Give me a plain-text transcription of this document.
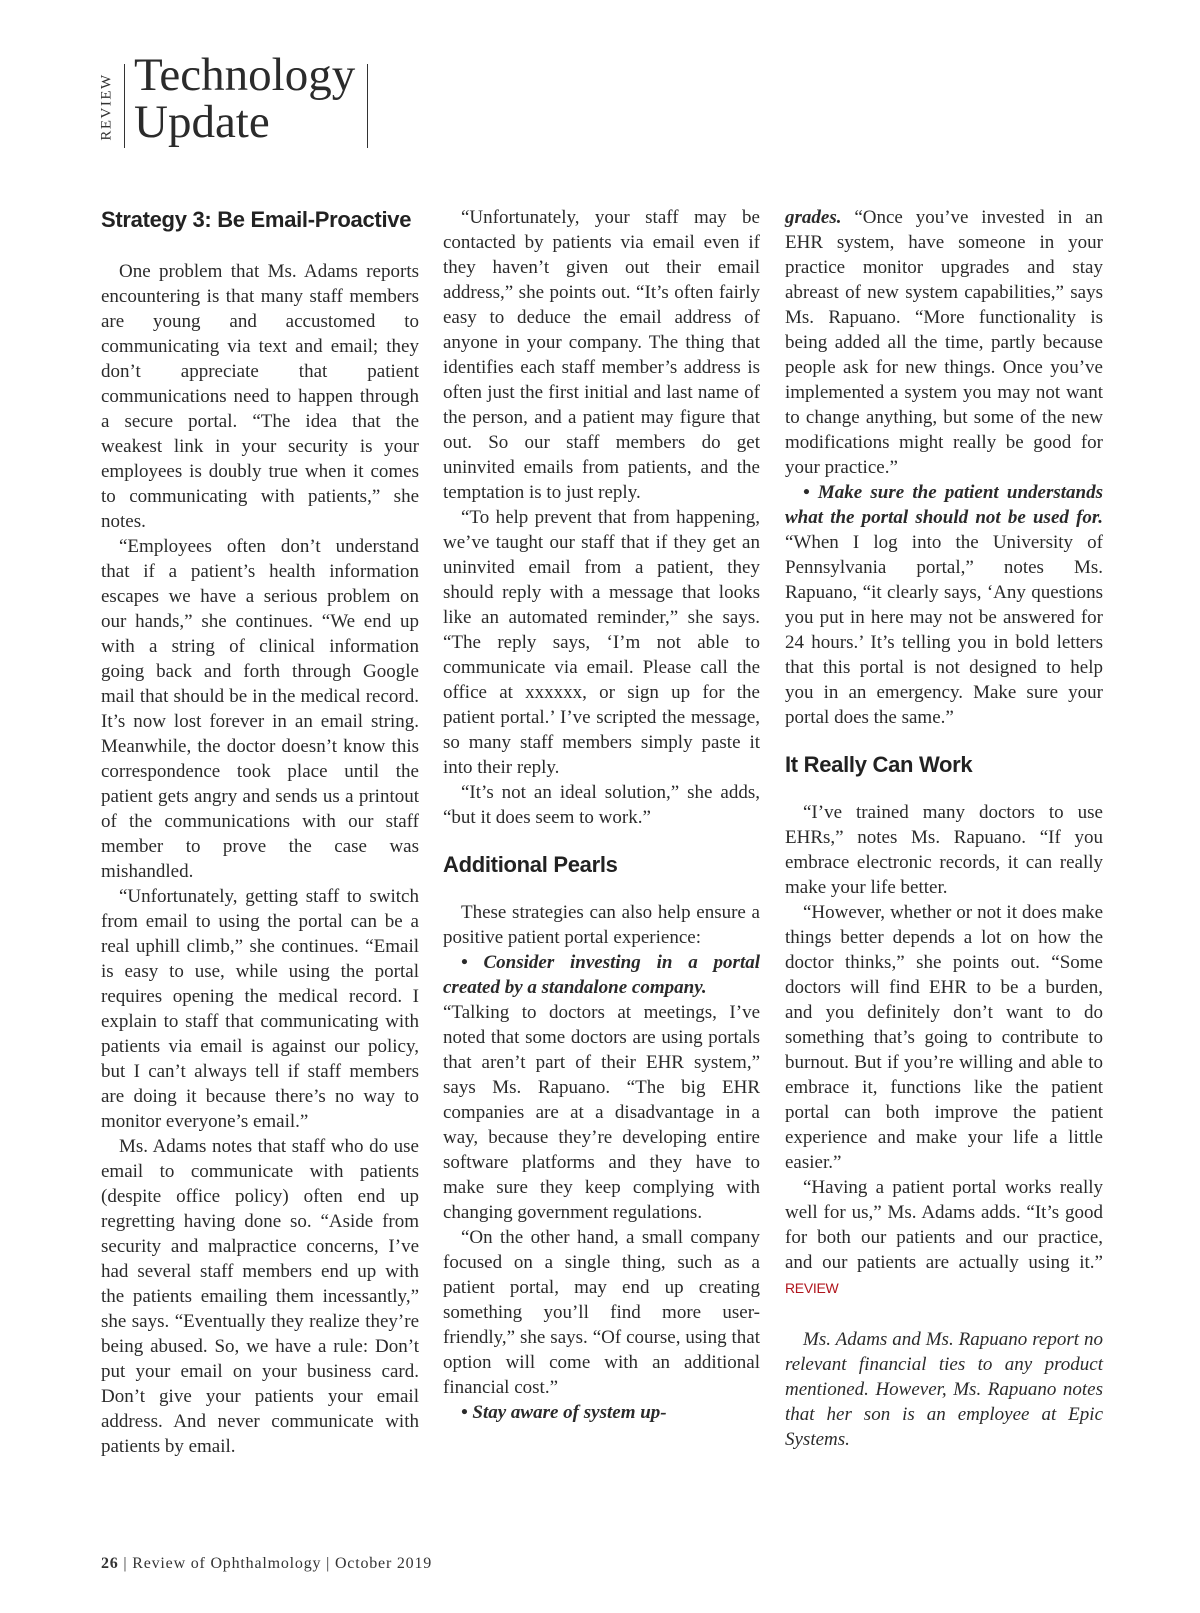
REVIEW Technology
Update
Strategy 3: Be Email-Proactive

One problem that Ms. Adams reports encountering is that many staff members are young and accustomed to communicating via text and email; they don’t appreciate that patient communications need to happen through a secure portal. “The idea that the weakest link in your security is your employees is doubly true when it comes to communicating with patients,” she notes.

“Employees often don’t understand that if a patient’s health information escapes we have a serious problem on our hands,” she continues. “We end up with a string of clinical information going back and forth through Google mail that should be in the medical record. It’s now lost forever in an email string. Meanwhile, the doctor doesn’t know this correspondence took place until the patient gets angry and sends us a printout of the communications with our staff member to prove the case was mishandled.

“Unfortunately, getting staff to switch from email to using the portal can be a real uphill climb,” she continues. “Email is easy to use, while using the portal requires opening the medical record. I explain to staff that communicating with patients via email is against our policy, but I can’t always tell if staff members are doing it because there’s no way to monitor everyone’s email.”

Ms. Adams notes that staff who do use email to communicate with patients (despite office policy) often end up regretting having done so. “Aside from security and malpractice concerns, I’ve had several staff members end up with the patients emailing them incessantly,” she says. “Eventually they realize they’re being abused. So, we have a rule: Don’t put your email on your business card. Don’t give your patients your email address. And never communicate with patients by email.

“Unfortunately, your staff may be contacted by patients via email even if they haven’t given out their email address,” she points out. “It’s often fairly easy to deduce the email address of anyone in your company. The thing that identifies each staff member’s address is often just the first initial and last name of the person, and a patient may figure that out. So our staff members do get uninvited emails from patients, and the temptation is to just reply.

“To help prevent that from happening, we’ve taught our staff that if they get an uninvited email from a patient, they should reply with a message that looks like an automated reminder,” she says. “The reply says, ‘I’m not able to communicate via email. Please call the office at xxxxxx, or sign up for the patient portal.’ I’ve scripted the message, so many staff members simply paste it into their reply.

“It’s not an ideal solution,” she adds, “but it does seem to work.”

Additional Pearls

These strategies can also help ensure a positive patient portal experience:

• Consider investing in a portal created by a standalone company.

“Talking to doctors at meetings, I’ve noted that some doctors are using portals that aren’t part of their EHR system,” says Ms. Rapuano. “The big EHR companies are at a disadvantage in a way, because they’re developing entire software platforms and they have to make sure they keep complying with changing government regulations.

“On the other hand, a small company focused on a single thing, such as a patient portal, may end up creating something you’ll find more user-friendly,” she says. “Of course, using that option will come with an additional financial cost.”

• Stay aware of system up-

grades. “Once you’ve invested in an EHR system, have someone in your practice monitor upgrades and stay abreast of new system capabilities,” says Ms. Rapuano. “More functionality is being added all the time, partly because people ask for new things. Once you’ve implemented a system you may not want to change anything, but some of the new modifications might really be good for your practice.”

• Make sure the patient understands what the portal should not be used for. “When I log into the University of Pennsylvania portal,” notes Ms. Rapuano, “it clearly says, ‘Any questions you put in here may not be answered for 24 hours.’ It’s telling you in bold letters that this portal is not designed to help you in an emergency. Make sure your portal does the same.”

It Really Can Work

“I’ve trained many doctors to use EHRs,” notes Ms. Rapuano. “If you embrace electronic records, it can really make your life better.

“However, whether or not it does make things better depends a lot on how the doctor thinks,” she points out. “Some doctors will find EHR to be a burden, and you definitely don’t want to do something that’s going to contribute to burnout. But if you’re willing and able to embrace it, functions like the patient portal can both improve the patient experience and make your life a little easier.”

“Having a patient portal works really well for us,” Ms. Adams adds. “It’s good for both our patients and our practice, and our patients are actually using it.” REVIEW

Ms. Adams and Ms. Rapuano report no relevant financial ties to any product mentioned. However, Ms. Rapuano notes that her son is an employee at Epic Systems.

26 | Review of Ophthalmology | October 2019
